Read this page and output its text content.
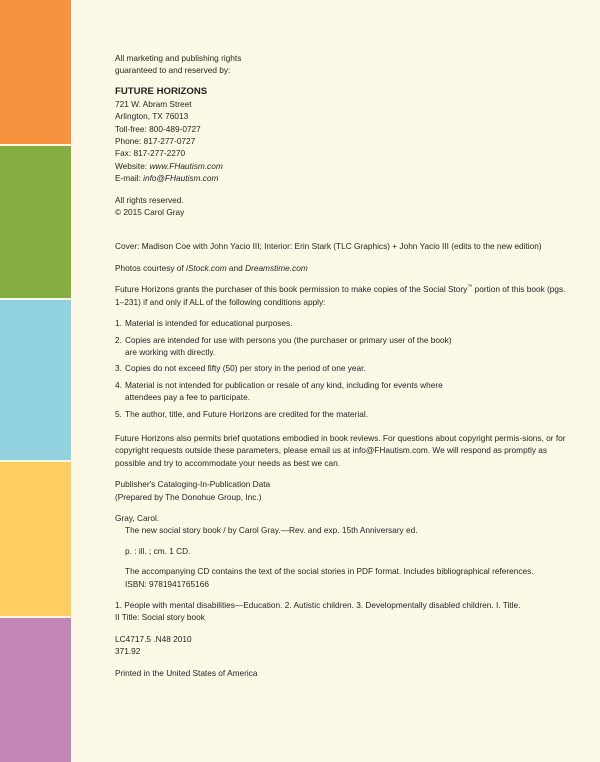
All marketing and publishing rights

guaranteed to and reserved by:

FUTURE HORIZONS

721 W. Abram Street

Arlington, TX 76013

Toll-free: 800-489-0727

Phone: 817-277-0727

Fax: 817-277-2270

Website: www.FHautism.com

E-mail: info@FHautism.com

All rights reserved.

© 2015 Carol Gray

Cover: Madison Coe with John Yacio III; Interior: Erin Stark (TLC Graphics) + John Yacio III (edits to the new edition)

Photos courtesy of iStock.com and Dreamstime.com

Future Horizons grants the purchaser of this book permission to make copies of the Social Story™ portion of this book (pgs. 1–231) if and only if ALL of the following conditions apply:

1. Material is intended for educational purposes.
2. Copies are intended for use with persons you (the purchaser or primary user of the book)
are working with directly.
3. Copies do not exceed fifty (50) per story in the period of one year.
4. Material is not intended for publication or resale of any kind, including for events where
attendees pay a fee to participate.
5. The author, title, and Future Horizons are credited for the material.

Future Horizons also permits brief quotations embodied in book reviews. For questions about copyright permis-sions, or for copyright requests outside these parameters, please email us at info@FHautism.com. We will respond as promptly as possible and try to accommodate your needs as best we can.

Publisher's Cataloging-In-Publication Data

(Prepared by The Donohue Group, Inc.)

Gray, Carol.

The new social story book / by Carol Gray.—Rev. and exp. 15th Anniversary ed.

p. : ill. ; cm. 1 CD.

The accompanying CD contains the text of the social stories in PDF format. Includes bibliographical references.

ISBN: 9781941765166

1. People with mental disabilities—Education. 2. Autistic children. 3. Developmentally disabled children. I. Title.

II Title: Social story book

LC4717.5 .N48 2010

371.92

Printed in the United States of America
